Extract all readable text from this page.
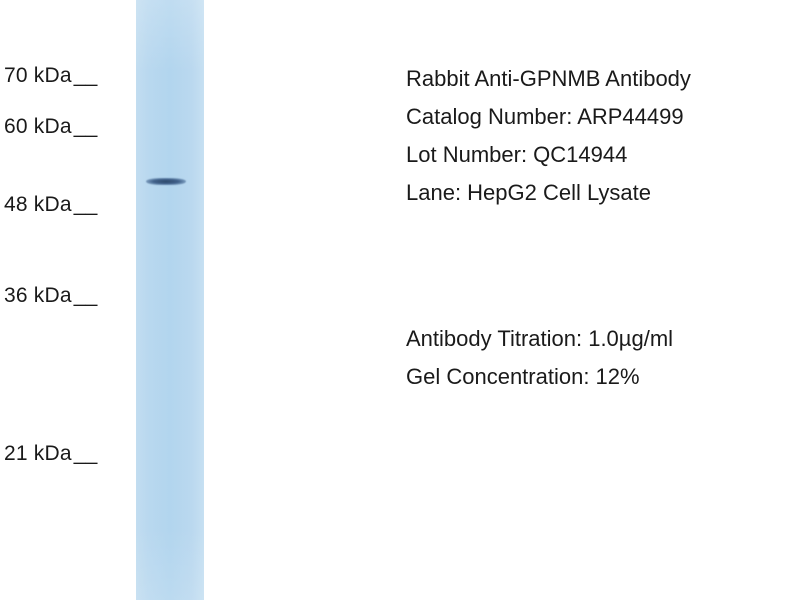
70 kDa__
60 kDa__
48 kDa__
36 kDa__
21 kDa__
Rabbit Anti-GPNMB Antibody
Catalog Number: ARP44499
Lot Number: QC14944
Lane: HepG2 Cell Lysate
Antibody Titration: 1.0µg/ml
Gel Concentration: 12%
